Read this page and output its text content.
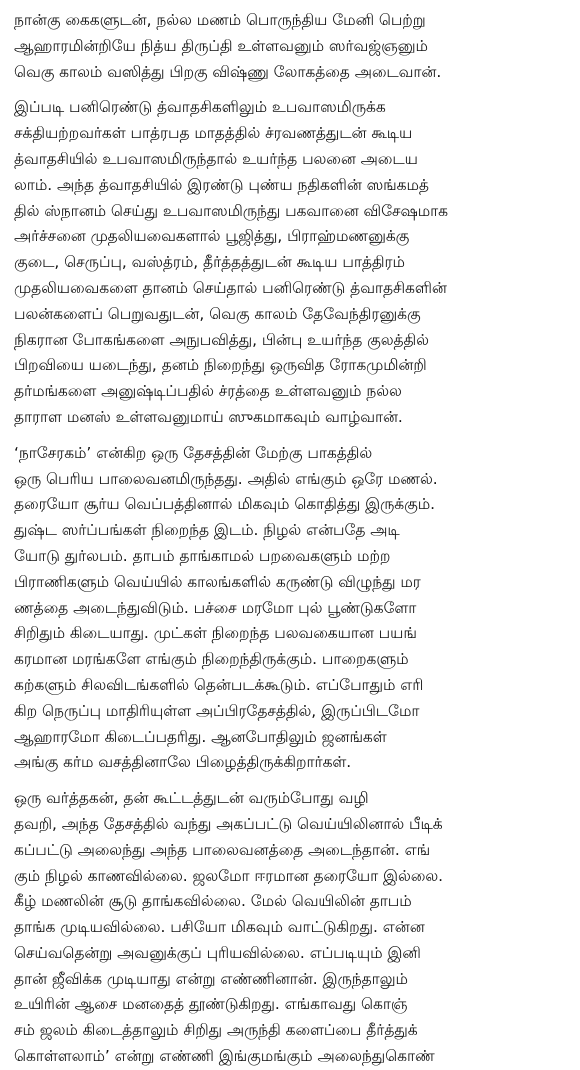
நான்கு கைகளுடன், நல்ல மணம் பொருந்திய மேனி பெற்று
ஆஹாரமின்றியே நித்ய திருப்தி உள்ளவனும் ஸர்வஜ்ஞனும்
வெகு காலம் வஸித்து பிறகு விஷ்ணு லோகத்தை அடைவான்.
இப்படி பனிரெண்டு த்வாதசிகளிலும் உபவாஸமிருக்க
சக்தியற்றவர்கள் பாத்ரபத மாதத்தில் ச்ரவணத்துடன் கூடிய
த்வாதசியில் உபவாஸமிருந்தால் உயர்ந்த பலனை அடைய
லாம். அந்த த்வாதசியில் இரண்டு புண்ய நதிகளின் ஸங்கமத்
தில் ஸ்நானம் செய்து உபவாஸமிருந்து பகவானை விசேஷமாக
அர்ச்சனை முதலியவைகளால் பூஜித்து, பிராஹ்மணனுக்கு
குடை, செருப்பு, வஸ்த்ரம், தீர்த்தத்துடன் கூடிய பாத்திரம்
முதலியவைகளை தானம் செய்தால் பனிரெண்டு த்வாதசிகளின்
பலன்களைப் பெறுவதுடன், வெகு காலம் தேவேந்திரனுக்கு
நிகரான போகங்களை அநுபவித்து, பின்பு உயர்ந்த குலத்தில்
பிறவியை யடைந்து, தனம் நிறைந்து ஒருவித ரோகமுமின்றி
தர்மங்களை அனுஷ்டிப்பதில் ச்ரத்தை உள்ளவனும் நல்ல
தாராள மனஸ் உள்ளவனுமாய் ஸுகமாகவும் வாழ்வான்.
‘நாசேரகம்’ என்கிற ஒரு தேசத்தின் மேற்கு பாகத்தில்
ஒரு பெரிய பாலைவனமிருந்தது. அதில் எங்கும் ஒரே மணல்.
தரையோ சூர்ய வெப்பத்தினால் மிகவும் கொதித்து இருக்கும்.
துஷ்ட ஸர்ப்பங்கள் நிறைந்த இடம். நிழல் என்பதே அடி
யோடு துர்லபம். தாபம் தாங்காமல் பறவைகளும் மற்ற
பிராணிகளும் வெய்யில் காலங்களில் கருண்டு விழுந்து மர
ணத்தை அடைந்துவிடும். பச்சை மரமோ புல் பூண்டுகளோ
சிறிதும் கிடையாது. முட்கள் நிறைந்த பலவகையான பயங்
கரமான மரங்களே எங்கும் நிறைந்திருக்கும். பாறைகளும்
கற்களும் சிலவிடங்களில் தென்படக்கூடும். எப்போதும் எரி
கிற நெருப்பு மாதிரியுள்ள அப்பிரதேசத்தில், இருப்பிடமோ
ஆஹாரமோ கிடைப்பதரிது. ஆனபோதிலும் ஜனங்கள்
அங்கு கர்ம வசத்தினாலே பிழைத்திருக்கிறார்கள்.
ஒரு வர்த்தகன், தன் கூட்டத்துடன் வரும்போது வழி
தவறி, அந்த தேசத்தில் வந்து அகப்பட்டு வெய்யிலினால் பீடிக்
கப்பட்டு அலைந்து அந்த பாலைவனத்தை அடைந்தான். எங்
கும் நிழல் காணவில்லை. ஜலமோ ஈரமான தரையோ இல்லை.
கீழ் மணலின் சூடு தாங்கவில்லை. மேல் வெயிலின் தாபம்
தாங்க முடியவில்லை. பசியோ மிகவும் வாட்டுகிறது. என்ன
செய்வதென்று அவனுக்குப் புரியவில்லை. எப்படியும் இனி
தான் ஜீவிக்க முடியாது என்று எண்ணினான். இருந்தாலும்
உயிரின் ஆசை மனதைத் தூண்டுகிறது. எங்காவது கொஞ்
சம் ஜலம் கிடைத்தாலும் சிறிது அருந்தி களைப்பை தீர்த்துக்
கொள்ளலாம்’ என்று எண்ணி இங்குமங்கும் அலைந்துகொண்
